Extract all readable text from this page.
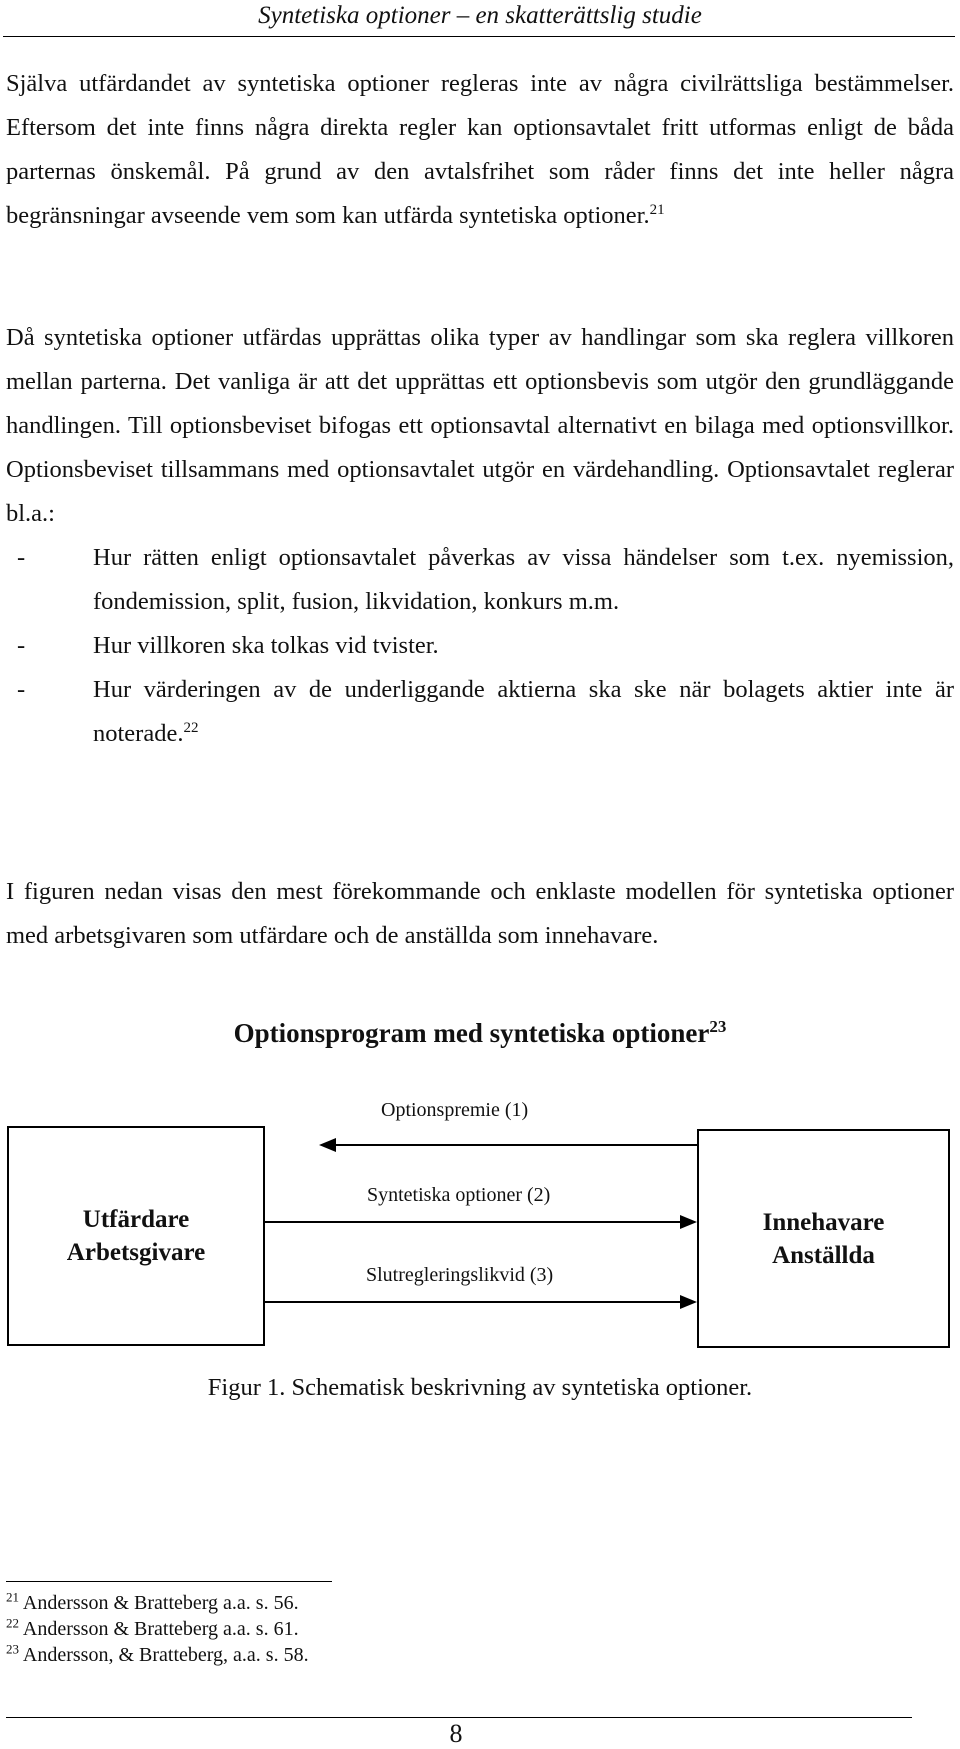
Syntetiska optioner – en skatterättslig studie

Själva utfärdandet av syntetiska optioner regleras inte av några civilrättsliga bestämmelser. Eftersom det inte finns några direkta regler kan optionsavtalet fritt utformas enligt de båda parternas önskemål. På grund av den avtalsfrihet som råder finns det inte heller några begränsningar avseende vem som kan utfärda syntetiska optioner.$^{21}$

Då syntetiska optioner utfärdas upprättas olika typer av handlingar som ska reglera villkoren mellan parterna. Det vanliga är att det upprättas ett optionsbevis som utgör den grundläggande handlingen. Till optionsbeviset bifogas ett optionsavtal alternativt en bilaga med optionsvillkor. Optionsbeviset tillsammans med optionsavtalet utgör en värdehandling. Optionsavtalet reglerar bl.a.:

-	Hur rätten enligt optionsavtalet påverkas av vissa händelser som t.ex. nyemission, fondemission, split, fusion, likvidation, konkurs m.m.
-	Hur villkoren ska tolkas vid tvister.
-	Hur värderingen av de underliggande aktierna ska ske när bolagets aktier inte är noterade.$^{22}$

I figuren nedan visas den mest förekommande och enklaste modellen för syntetiska optioner med arbetsgivaren som utfärdare och de anställda som innehavare.

Optionsprogram med syntetiska optioner$^{23}$
Optionspremie (1)
Syntetiska optioner (2)
Slutregleringslikvid (3)
Utfärdare
Arbetsgivare
Innehavare
Anställda
Figur 1. Schematisk beskrivning av syntetiska optioner.
$^{21}$ Andersson & Bratteberg a.a. s. 56.
$^{22}$ Andersson & Bratteberg a.a. s. 61.
$^{23}$ Andersson, & Bratteberg, a.a. s. 58.
8
